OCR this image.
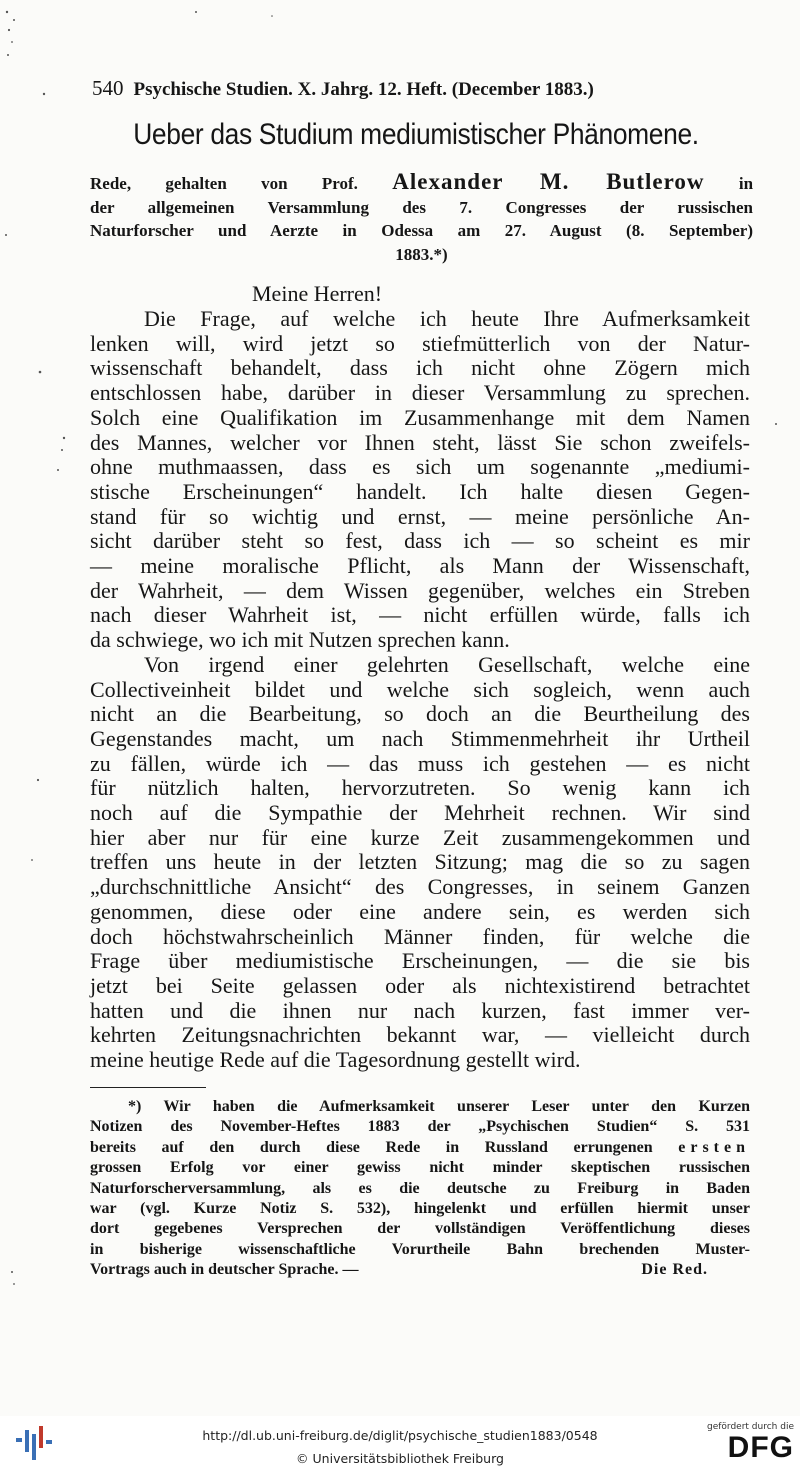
540 Psychische Studien. X. Jahrg. 12. Heft. (December 1883.)
Ueber das Studium mediumistischer Phänomene.
Rede, gehalten von Prof. Alexander M. Butlerow in
der allgemeinen Versammlung des 7. Congresses der russischen
Naturforscher und Aerzte in Odessa am 27. August (8. September)
1883.*)
Meine Herren!
Die Frage, auf welche ich heute Ihre Aufmerksamkeit
lenken will, wird jetzt so stiefmütterlich von der Natur-
wissenschaft behandelt, dass ich nicht ohne Zögern mich
entschlossen habe, darüber in dieser Versammlung zu sprechen.
Solch eine Qualifikation im Zusammenhange mit dem Namen
des Mannes, welcher vor Ihnen steht, lässt Sie schon zweifels-
ohne muthmaassen, dass es sich um sogenannte „mediumi-
stische Erscheinungen“ handelt. Ich halte diesen Gegen-
stand für so wichtig und ernst, — meine persönliche An-
sicht darüber steht so fest, dass ich — so scheint es mir
— meine moralische Pflicht, als Mann der Wissenschaft,
der Wahrheit, — dem Wissen gegenüber, welches ein Streben
nach dieser Wahrheit ist, — nicht erfüllen würde, falls ich
da schwiege, wo ich mit Nutzen sprechen kann.
Von irgend einer gelehrten Gesellschaft, welche eine
Collectiveinheit bildet und welche sich sogleich, wenn auch
nicht an die Bearbeitung, so doch an die Beurtheilung des
Gegenstandes macht, um nach Stimmenmehrheit ihr Urtheil
zu fällen, würde ich — das muss ich gestehen — es nicht
für nützlich halten, hervorzutreten. So wenig kann ich
noch auf die Sympathie der Mehrheit rechnen. Wir sind
hier aber nur für eine kurze Zeit zusammengekommen und
treffen uns heute in der letzten Sitzung; mag die so zu sagen
„durchschnittliche Ansicht“ des Congresses, in seinem Ganzen
genommen, diese oder eine andere sein, es werden sich
doch höchstwahrscheinlich Männer finden, für welche die
Frage über mediumistische Erscheinungen, — die sie bis
jetzt bei Seite gelassen oder als nichtexistirend betrachtet
hatten und die ihnen nur nach kurzen, fast immer ver-
kehrten Zeitungsnachrichten bekannt war, — vielleicht durch
meine heutige Rede auf die Tagesordnung gestellt wird.
*) Wir haben die Aufmerksamkeit unserer Leser unter den Kurzen
Notizen des November-Heftes 1883 der „Psychischen Studien“ S. 531
bereits auf den durch diese Rede in Russland errungenen ersten
grossen Erfolg vor einer gewiss nicht minder skeptischen russischen
Naturforscherversammlung, als es die deutsche zu Freiburg in Baden
war (vgl. Kurze Notiz S. 532), hingelenkt und erfüllen hiermit unser
dort gegebenes Versprechen der vollständigen Veröffentlichung dieses
in bisherige wissenschaftliche Vorurtheile Bahn brechenden Muster-
Vortrags auch in deutscher Sprache. —	Die Red.
http://dl.ub.uni-freiburg.de/diglit/psychische_studien1883/0548
© Universitätsbibliothek Freiburg
gefördert durch die
DFG
